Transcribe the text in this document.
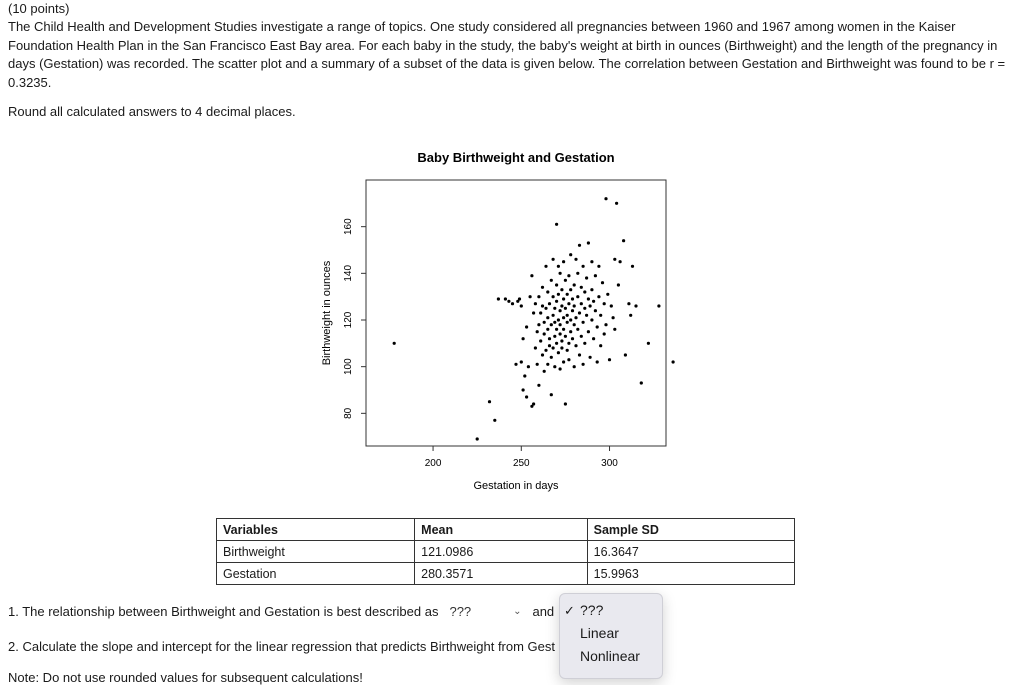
(10 points)

The Child Health and Development Studies investigate a range of topics. One study considered all pregnancies between 1960 and 1967 among women in the Kaiser Foundation Health Plan in the San Francisco East Bay area. For each baby in the study, the baby's weight at birth in ounces (Birthweight) and the length of the pregnancy in days (Gestation) was recorded. The scatter plot and a summary of a subset of the data is given below. The correlation between Gestation and Birthweight was found to be r = 0.3235.

Round all calculated answers to 4 decimal places.
Baby Birthweight and Gestation
Gestation in days
Birthweight in ounces
200	250	300
80
100
120
140
160
Variables	Mean	Sample SD
Birthweight	121.0986	16.3647
Gestation	280.3571	15.9963
1. The relationship between Birthweight and Gestation is best described as ???	⌄ and
2. Calculate the slope and intercept for the linear regression that predicts Birthweight from Gest
Note: Do not use rounded values for subsequent calculations!
✓ ???
Linear
Nonlinear
